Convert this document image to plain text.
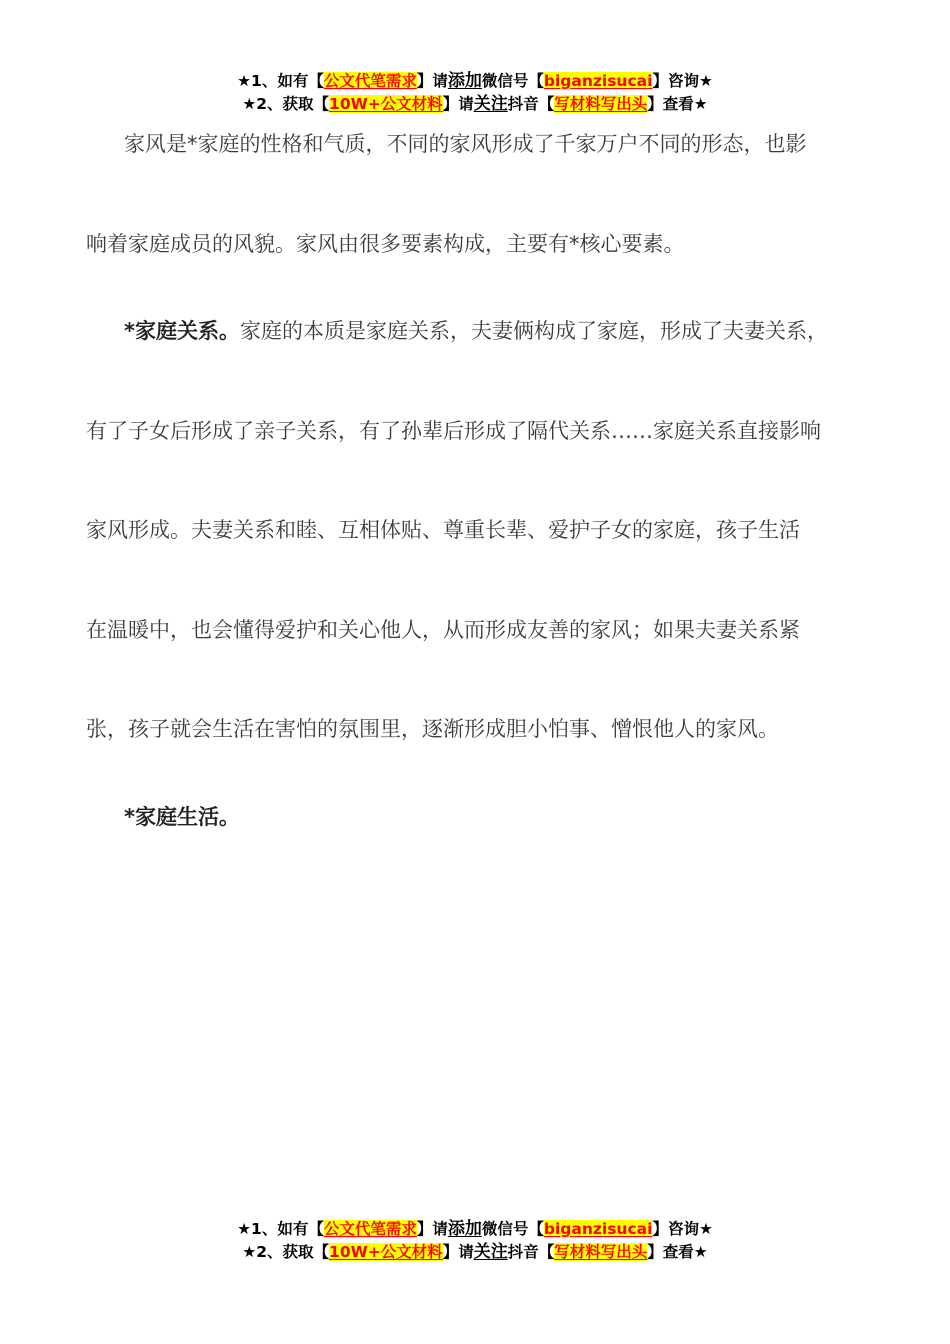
★1、如有【公文代笔需求】请添加微信号【biganzisucai】咨询★
★2、获取【10W+公文材料】请关注抖音【写材料写出头】查看★
家风是*家庭的性格和气质，不同的家风形成了千家万户不同的形态，也影
响着家庭成员的风貌。家风由很多要素构成，主要有*核心要素。
*家庭关系。家庭的本质是家庭关系，夫妻俩构成了家庭，形成了夫妻关系，
有了子女后形成了亲子关系，有了孙辈后形成了隔代关系……家庭关系直接影响
家风形成。夫妻关系和睦、互相体贴、尊重长辈、爱护子女的家庭，孩子生活
在温暖中，也会懂得爱护和关心他人，从而形成友善的家风；如果夫妻关系紧
张，孩子就会生活在害怕的氛围里，逐渐形成胆小怕事、憎恨他人的家风。
*家庭生活。
★1、如有【公文代笔需求】请添加微信号【biganzisucai】咨询★
★2、获取【10W+公文材料】请关注抖音【写材料写出头】查看★
